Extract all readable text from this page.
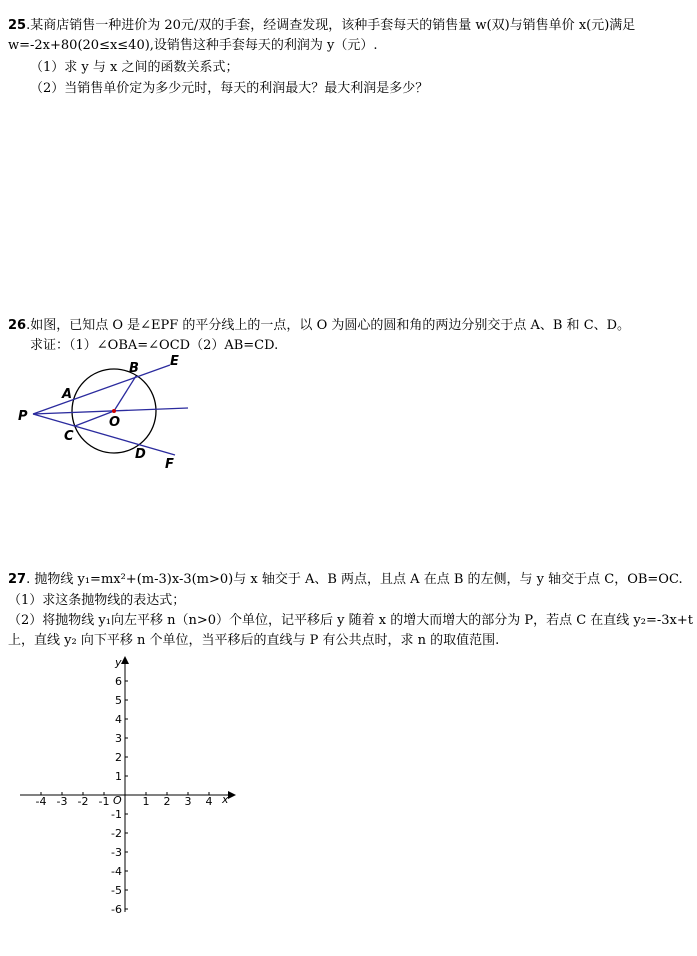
25.某商店销售一种进价为 20元/双的手套，经调查发现，该种手套每天的销售量 w(双)与销售单价 x(元)满足
w=-2x+80(20≤x≤40),设销售这种手套每天的利润为 y（元）.
（1）求 y 与 x 之间的函数关系式；
（2）当销售单价定为多少元时，每天的利润最大？最大利润是多少？
26.如图，已知点 O 是∠EPF 的平分线上的一点，以 O 为圆心的圆和角的两边分别交于点 A、B 和 C、D。
求证：（1）∠OBA=∠OCD（2）AB=CD.
P
A
B E
O
C
D
F
27. 抛物线 y₁=mx²+(m-3)x-3(m>0)与 x 轴交于 A、B 两点，且点 A 在点 B 的左侧，与 y 轴交于点 C，OB=OC.
（1）求这条抛物线的表达式；
（2）将抛物线 y₁向左平移 n（n>0）个单位，记平移后 y 随着 x 的增大而增大的部分为 P，若点 C 在直线 y₂=-3x+t
上，直线 y₂ 向下平移 n 个单位，当平移后的直线与 P 有公共点时，求 n 的取值范围.
x
y
O
-4 -3 -2 -1	1 2 3 4
6
5
4
3
2
1
-1
-2
-3
-4
-5
-6
